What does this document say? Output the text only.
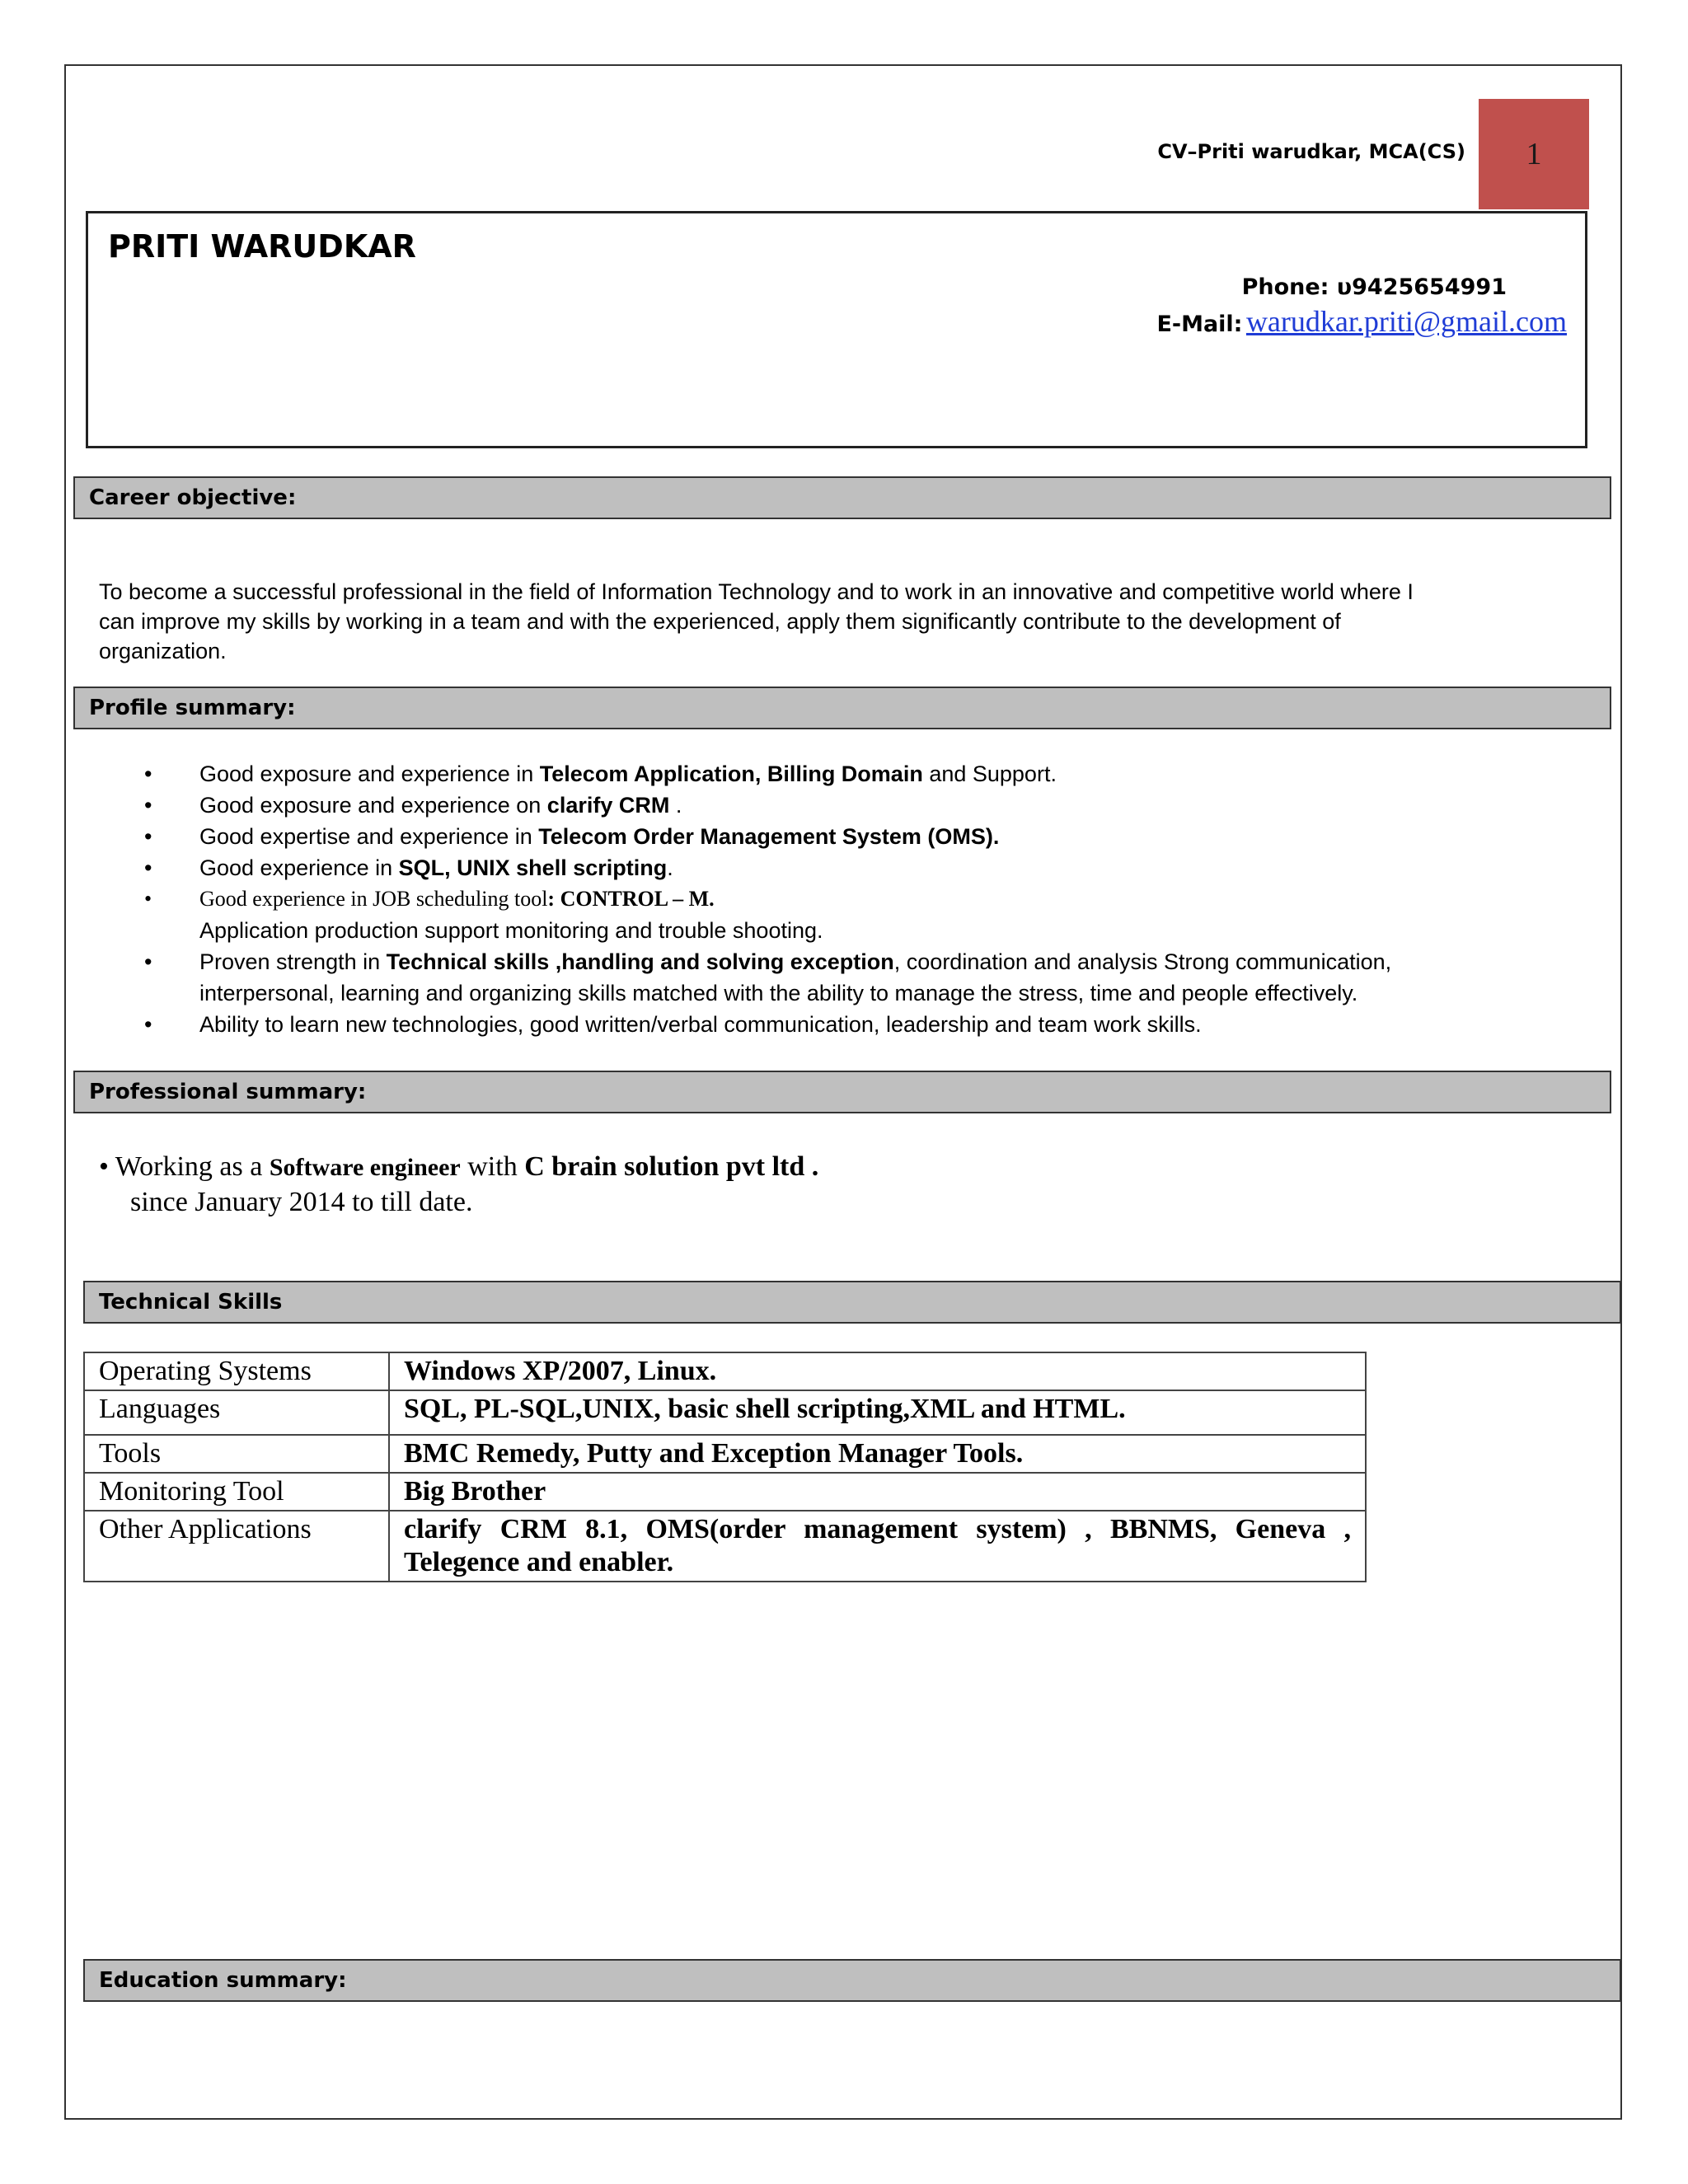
CV–Priti warudkar, MCA(CS) 1
PRITI WARUDKAR
Phone: υ9425654991
E-Mail: warudkar.priti@gmail.com
Career objective:
To become a successful professional in the field of Information Technology and to work in an innovative and competitive world where I
can improve my skills by working in a team and with the experienced, apply them significantly contribute to the development of
organization.
Profile summary:
• Good exposure and experience in Telecom Application, Billing Domain and Support.
• Good exposure and experience on clarify CRM .
• Good expertise and experience in Telecom Order Management System (OMS).
• Good experience in SQL, UNIX shell scripting.
• Good experience in JOB scheduling tool: CONTROL – M.
Application production support monitoring and trouble shooting.
• Proven strength in Technical skills ,handling and solving exception, coordination and analysis Strong communication,
interpersonal, learning and organizing skills matched with the ability to manage the stress, time and people effectively.
• Ability to learn new technologies, good written/verbal communication, leadership and team work skills.
Professional summary:
• Working as a Software engineer with C brain solution pvt ltd .
since January 2014 to till date.
Technical Skills
Operating Systems	Windows XP/2007, Linux.
Languages	SQL, PL-SQL,UNIX, basic shell scripting,XML and HTML.
Tools	BMC Remedy, Putty and Exception Manager Tools.
Monitoring Tool	Big Brother
Other Applications	clarify CRM 8.1, OMS(order management system) , BBNMS, Geneva , Telegence and enabler.
Education summary:
